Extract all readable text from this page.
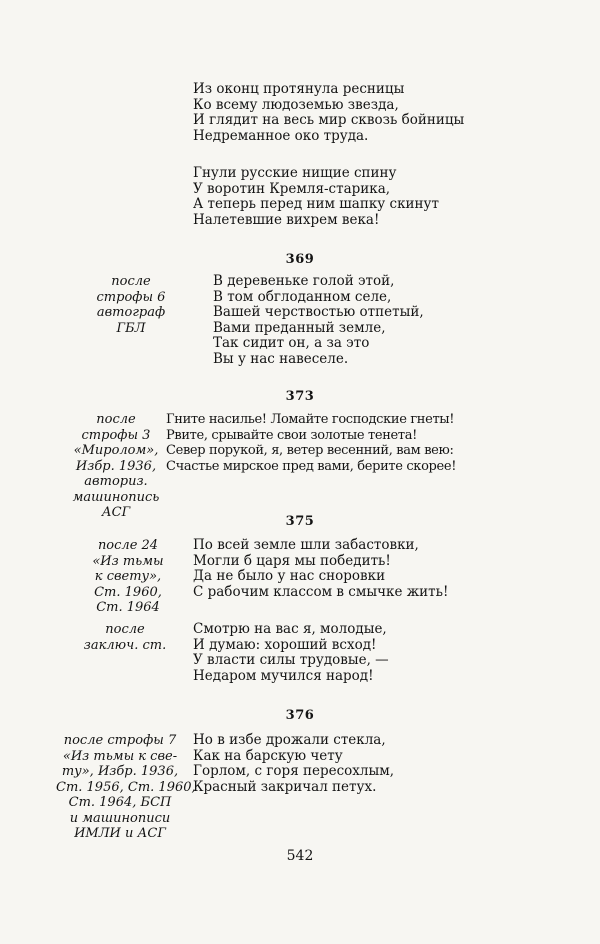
Из оконц протянула ресницы
Ко всему людоземью звезда,
И глядит на весь мир сквозь бойницы
Недреманное око труда.
Гнули русские нищие спину
У воротин Кремля-старика,
А теперь перед ним шапку скинут
Налетевшие вихрем века!
369
после
строфы 6
автограф
ГБЛ
В деревеньке голой этой,
В том обглоданном селе,
Вашей черствостью отпетый,
Вами преданный земле,
Так сидит он, а за это
Вы у нас навеселе.
373
после
строфы 3
«Миролом»,
Избр. 1936,
авториз.
машинопись
АСГ
Гните насилье! Ломайте господские гнеты!
Рвите, срывайте свои золотые тенета!
Север порукой, я, ветер весенний, вам вею:
Счастье мирское пред вами, берите скорее!
375
после 24
«Из тьмы
к свету»,
Ст. 1960,
Ст. 1964
По всей земле шли забастовки,
Могли б царя мы победить!
Да не было у нас сноровки
С рабочим классом в смычке жить!
после
заключ. ст.
Смотрю на вас я, молодые,
И думаю: хороший всход!
У власти силы трудовые, —
Недаром мучился народ!
376
после строфы 7
«Из тьмы к све-
ту», Избр. 1936,
Ст. 1956, Ст. 1960,
Ст. 1964, БСП
и машинописи
ИМЛИ и АСГ
Но в избе дрожали стекла,
Как на барскую чету
Горлом, с горя пересохлым,
Красный закричал петух.
542
